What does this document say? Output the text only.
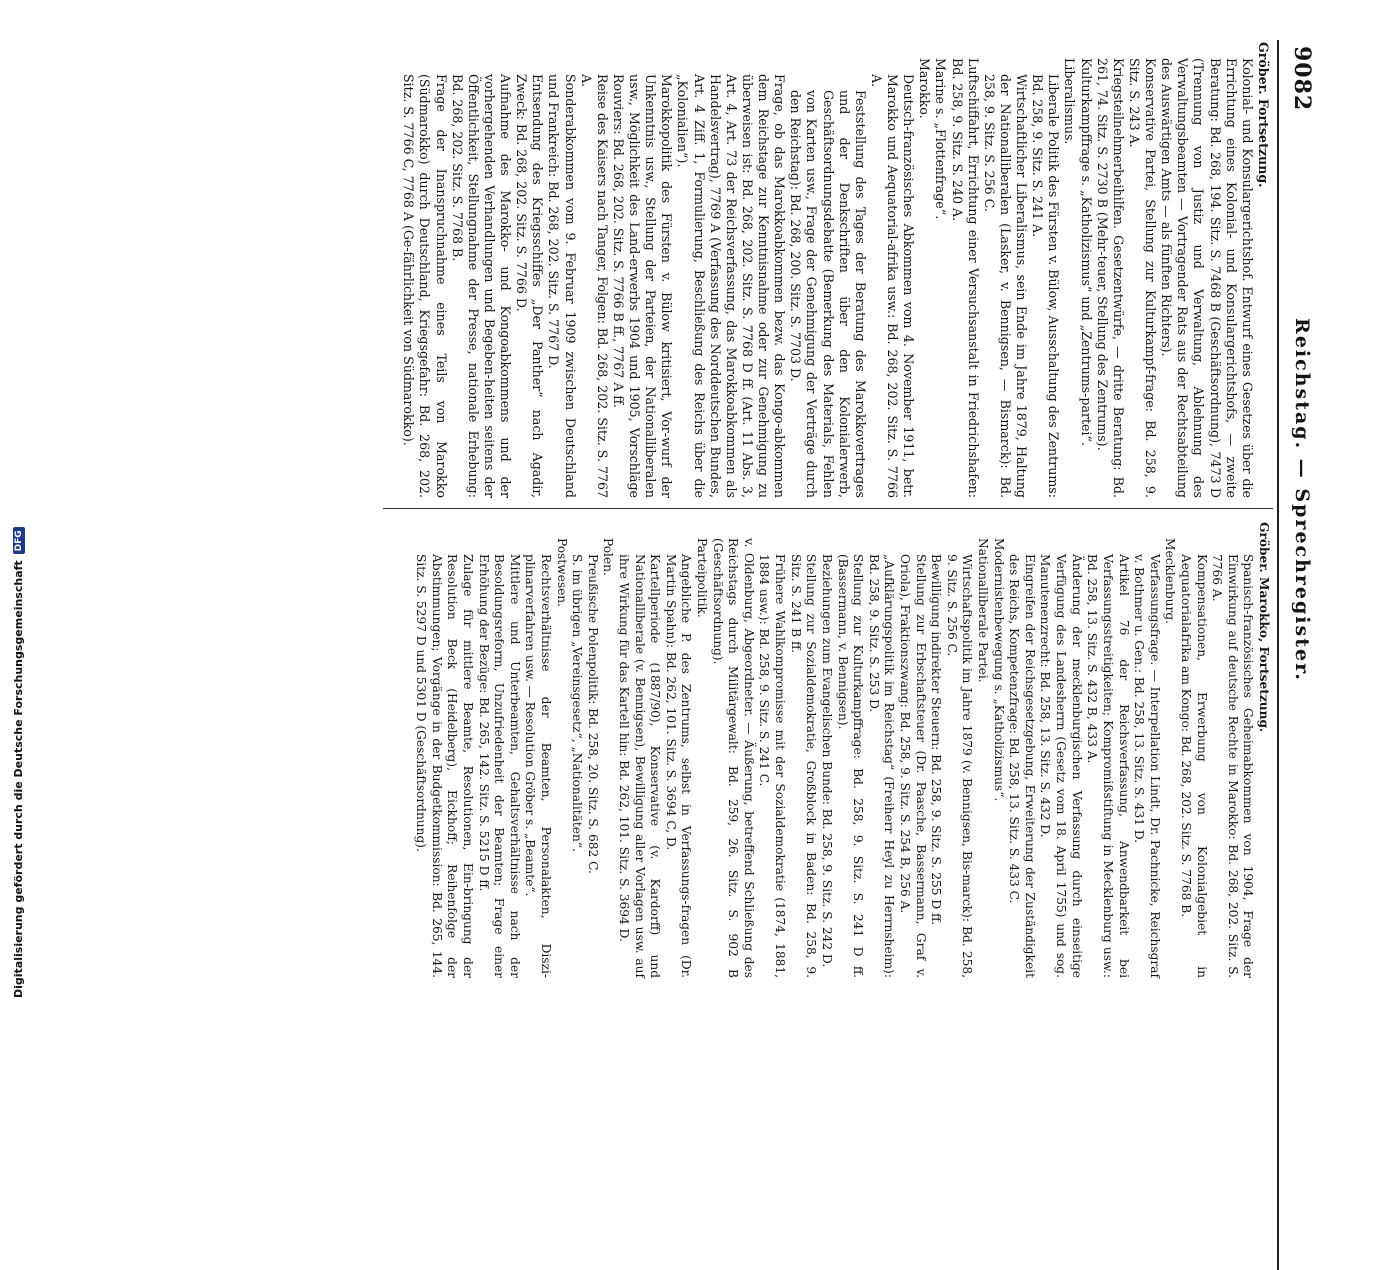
9082
Reichstag. — Sprechregister.

Gröber. Fortsetzung.

Kolonial- und Konsulargerichtshof. Entwurf eines Gesetzes über die Errichtung eines Kolonial- und Konsulargerichtshofs, — zweite Beratung: Bd. 268, 194. Sitz. S. 7468 B (Geschäftsordnung), 7473 D (Trennung von Justiz und Verwaltung, Ablehnung des Verwaltungsbeamten — Vortragender Rats aus der Rechtsabteilung des Auswärtigen Amts — als fünften Richters).

Konservative Partei, Stellung zur Kulturkampf-frage: Bd. 258, 9. Sitz. S. 243 A.

Kriegsteilnehmerbeihilfen. Gesetzentwürfe, — dritte Beratung: Bd. 261, 74. Sitz. S. 2730 B (Mehr-teuer, Stellung des Zentrums).

Kulturkampffrage s. „Katholizismus“ und „Zentrums-partei“.

Liberalismus.

Liberale Politik des Fürsten v. Bülow, Ausschaltung des Zentrums: Bd. 258, 9. Sitz. S. 241 A.

Wirtschaftlicher Liberalismus, sein Ende im Jahre 1879, Haltung der Nationalliberalen (Lasker, v. Bennigsen, — Bismarck): Bd. 258, 9. Sitz. S. 256 C.

Luftschiffahrt, Errichtung einer Versuchsanstalt in Friedrichshafen: Bd. 258, 9. Sitz. S. 240 A.

Marine s. „Flottenfrage“.

Marokko.

Deutsch-französisches Abkommen vom 4. November 1911, betr. Marokko und Aequatorial-afrika usw.: Bd. 268, 202. Sitz. S. 7766 A.

Feststellung des Tages der Beratung des Marokkovertrages und der Denkschriften über den Kolonialerwerb, Geschäftsordnungsdebatte (Bemerkung des Materials, Fehlen von Karten usw., Frage der Genehmigung der Verträge durch den Reichstag): Bd. 268, 200. Sitz. S. 7703 D.

Frage, ob das Marokkoabkommen bezw. das Kongo-abkommen dem Reichstage zur Kenntnisnahme oder zur Genehmigung zu überweisen ist: Bd. 268, 202. Sitz. S. 7768 D ff. (Art. 11 Abs. 3, Art. 4, Art. 73 der Reichsverfassung, das Marokkoabkommen als Handelsvertrag), 7769 A (Verfassung des Norddeutschen Bundes, Art. 4 Ziff. 1, Formulierung, Beschließung des Reichs über die „Kolonialien“).

Marokkopolitik des Fürsten v. Bülow kritisiert, Vor-wurf der Unkenntnis usw., Stellung der Parteien, der Nationalliberalen usw., Möglichkeit des Land-erwerbs 1904 und 1905, Vorschläge Rouviers: Bd. 268, 202. Sitz. S. 7766 B ff., 7767 A ff.

Reise des Kaisers nach Tanger, Folgen: Bd. 268, 202. Sitz. S. 7767 A.

Sonderabkommen vom 9. Februar 1909 zwischen Deutschland und Frankreich: Bd. 268, 202. Sitz. S. 7767 D.

Entsendung des Kriegsschiffes „Der Panther“ nach Agadir, Zweck: Bd. 268, 202. Sitz. S. 7766 D.

Aufnahme des Marokko- und Kongoabkommens und der vorhergehenden Verhandlungen und Begeben-heiten seitens der Öffentlichkeit, Stellungnahme der Presse, nationale Erhebung: Bd. 268, 202. Sitz. S. 7768 B.

Frage der Inanspruchnahme eines Teils von Marokko (Südmarokko) durch Deutschland, Kriegsgefahr: Bd. 268, 202. Sitz. S. 7766 C, 7768 A (Ge-fährlichkeit von Südmarokko).

Gröber. Marokko, Fortsetzung.

Spanisch-französisches Geheimabkommen von 1904, Frage der Einwirkung auf deutsche Rechte in Marokko: Bd. 268, 202. Sitz. S. 7766 A.

Kompensationen, Erwerbung von Kolonialgebiet in Aequatorialafrika am Kongo: Bd. 268, 202. Sitz. S. 7768 B.

Mecklenburg.

Verfassungsfrage. — Interpellation Lindt, Dr. Pachnicke, Reichsgraf v. Bothmer u. Gen.: Bd. 258, 13. Sitz. S. 431 D.

Artikel 76 der Reichsverfassung, Anwendbarkeit bei Verfassungsstreitigkeiten; Kompromißstiftung in Mecklenburg usw.: Bd. 258, 13. Sitz. S. 432 B, 433 A.

Änderung der mecklenburgischen Verfassung durch einseitige Verfügung des Landesherrn (Gesetz vom 18. April 1755) und sog. Manutenenzrecht: Bd. 258, 13. Sitz. S. 432 D.

Eingreifen der Reichsgesetzgebung, Erweiterung der Zuständigkeit des Reichs, Kompetenzfrage: Bd. 258, 13. Sitz. S. 433 C.

Modernistenbewegung s. „Katholizismus“.

Nationalliberale Partei.

Wirtschaftspolitik im Jahre 1879 (v. Bennigsen, Bis-marck): Bd. 258, 9. Sitz. S. 256 C.

Bewilligung indirekter Steuern: Bd. 258, 9. Sitz. S. 255 D ff.

Stellung zur Erbschaftsteuer (Dr. Paasche, Bassermann, Graf v. Oriola), Fraktionszwang: Bd. 258, 9. Sitz. S. 254 B, 256 A.

„Aufklärungspolitik im Reichstag“ (Freiherr Heyl zu Herrnsheim): Bd. 258, 9. Sitz. S. 253 D.

Stellung zur Kulturkampffrage: Bd. 258, 9. Sitz. S. 241 D ff. (Bassermann, v. Bennigsen).

Beziehungen zum Evangelischen Bunde: Bd. 258, 9. Sitz. S. 242 D.

Stellung zur Sozialdemokratie, Großblock in Baden: Bd. 258, 9. Sitz. S. 241 B ff.

Frühere Wahlkompromisse mit der Sozialdemokratie (1874, 1881, 1884 usw.): Bd. 258, 9. Sitz. S. 241 C.

v. Oldenburg, Abgeordneter. — Äußerung, betreffend Schließung des Reichstags durch Militärgewalt: Bd. 259, 26. Sitz. S. 902 B (Geschäftsordnung).

Parteipolitik.

Angebliche P. des Zentrums, selbst in Verfassungs-fragen (Dr. Martin Spahn): Bd. 262, 101. Sitz. S. 3694 C, D.

Kartellperiode (1887/90), Konservative (v. Kardorff) und Nationalliberale (v. Bennigsen), Bewilligung aller Vorlagen usw. auf ihre Wirkung für das Kartell hin: Bd. 262, 101. Sitz. S. 3694 D.

Polen.

Preußische Polenpolitik: Bd. 258, 20. Sitz. S. 682 C.

S. im übrigen „Vereinsgesetz“, „Nationalitäten“.

Postwesen.

Rechtsverhältnisse der Beamten, Personalakten, Diszi-plinarverfahren usw. — Resolution Gröber s. „Beamte“.

Mittlere und Unterbeamten, Gehaltsverhältnisse nach der Besoldungsreform, Unzufriedenheit der Beamten; Frage einer Erhöhung der Bezüge: Bd. 265, 142. Sitz. S. 5215 D ff.

Zulage für mittlere Beamte, Resolutionen, Ein-bringung der Resolution Beck (Heidelberg), Eickhoff; Reihenfolge der Abstimmungen; Vorgänge in der Budgetkommission: Bd. 265, 144. Sitz. S. 5297 D und 5301 D (Geschäftsordnung).

Digitalisierung gefördert durch die Deutsche Forschungsgemeinschaft
DFG
